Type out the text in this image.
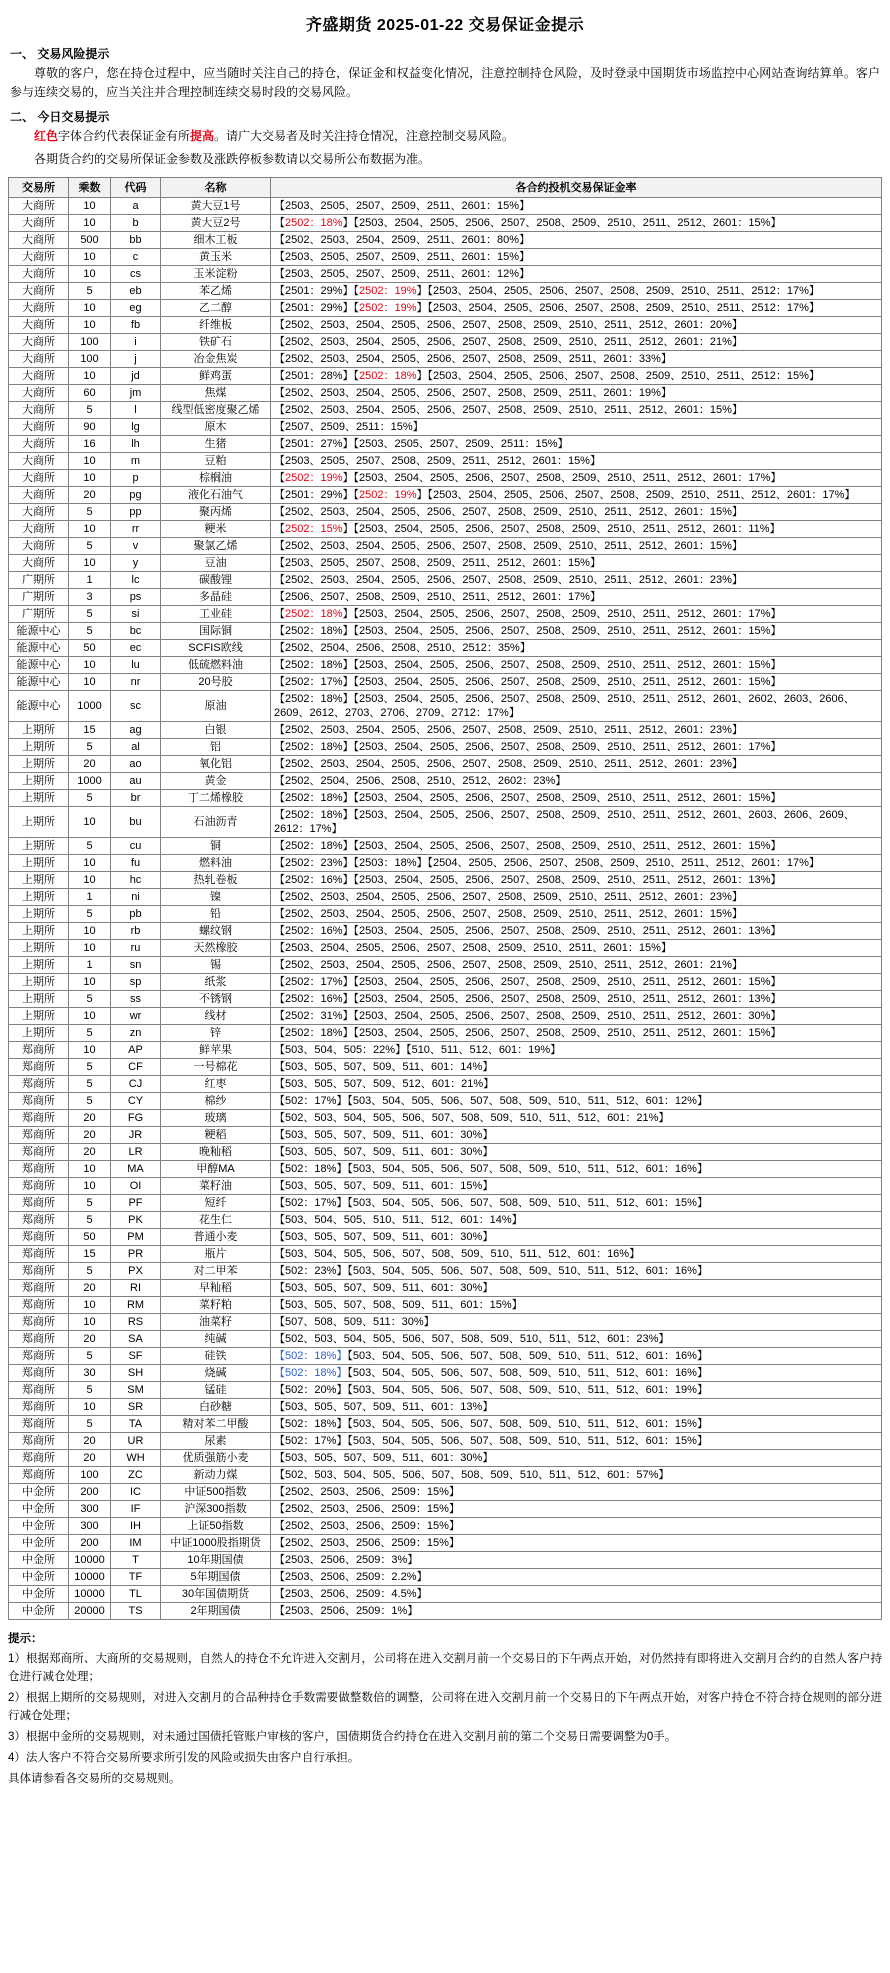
齐盛期货 2025-01-22 交易保证金提示
一、 交易风险提示
尊敬的客户，您在持仓过程中，应当随时关注自己的持仓，保证金和权益变化情况，注意控制持仓风险，及时登录中国期货市场监控中心网站查询结算单。客户参与连续交易的，应当关注并合理控制连续交易时段的交易风险。
二、 今日交易提示
红色字体合约代表保证金有所提高。请广大交易者及时关注持仓情况，注意控制交易风险。
各期货合约的交易所保证金参数及涨跌停板参数请以交易所公布数据为准。
交易所	乘数	代码	名称	各合约投机交易保证金率
大商所	10	a	黄大豆1号	【2503、2505、2507、2509、2511、2601：15%】
大商所	10	b	黄大豆2号	【2502：18%】【2503、2504、2505、2506、2507、2508、2509、2510、2511、2512、2601：15%】
大商所	500	bb	细木工板	【2502、2503、2504、2509、2511、2601：80%】
大商所	10	c	黄玉米	【2503、2505、2507、2509、2511、2601：15%】
大商所	10	cs	玉米淀粉	【2503、2505、2507、2509、2511、2601：12%】
大商所	5	eb	苯乙烯	【2501：29%】【2502：19%】【2503、2504、2505、2506、2507、2508、2509、2510、2511、2512：17%】
大商所	10	eg	乙二醇	【2501：29%】【2502：19%】【2503、2504、2505、2506、2507、2508、2509、2510、2511、2512：17%】
大商所	10	fb	纤维板	【2502、2503、2504、2505、2506、2507、2508、2509、2510、2511、2512、2601：20%】
大商所	100	i	铁矿石	【2502、2503、2504、2505、2506、2507、2508、2509、2510、2511、2512、2601：21%】
大商所	100	j	冶金焦炭	【2502、2503、2504、2505、2506、2507、2508、2509、2511、2601：33%】
大商所	10	jd	鲜鸡蛋	【2501：28%】【2502：18%】【2503、2504、2505、2506、2507、2508、2509、2510、2511、2512：15%】
大商所	60	jm	焦煤	【2502、2503、2504、2505、2506、2507、2508、2509、2511、2601：19%】
大商所	5	l	线型低密度聚乙烯	【2502、2503、2504、2505、2506、2507、2508、2509、2510、2511、2512、2601：15%】
大商所	90	lg	原木	【2507、2509、2511：15%】
大商所	16	lh	生猪	【2501：27%】【2503、2505、2507、2509、2511：15%】
大商所	10	m	豆粕	【2503、2505、2507、2508、2509、2511、2512、2601：15%】
大商所	10	p	棕榈油	【2502：19%】【2503、2504、2505、2506、2507、2508、2509、2510、2511、2512、2601：17%】
大商所	20	pg	液化石油气	【2501：29%】【2502：19%】【2503、2504、2505、2506、2507、2508、2509、2510、2511、2512、2601：17%】
大商所	5	pp	聚丙烯	【2502、2503、2504、2505、2506、2507、2508、2509、2510、2511、2512、2601：15%】
大商所	10	rr	粳米	【2502：15%】【2503、2504、2505、2506、2507、2508、2509、2510、2511、2512、2601：11%】
大商所	5	v	聚氯乙烯	【2502、2503、2504、2505、2506、2507、2508、2509、2510、2511、2512、2601：15%】
大商所	10	y	豆油	【2503、2505、2507、2508、2509、2511、2512、2601：15%】
广期所	1	lc	碳酸锂	【2502、2503、2504、2505、2506、2507、2508、2509、2510、2511、2512、2601：23%】
广期所	3	ps	多晶硅	【2506、2507、2508、2509、2510、2511、2512、2601：17%】
广期所	5	si	工业硅	【2502：18%】【2503、2504、2505、2506、2507、2508、2509、2510、2511、2512、2601：17%】
能源中心	5	bc	国际铜	【2502：18%】【2503、2504、2505、2506、2507、2508、2509、2510、2511、2512、2601：15%】
能源中心	50	ec	SCFIS欧线	【2502、2504、2506、2508、2510、2512：35%】
能源中心	10	lu	低硫燃料油	【2502：18%】【2503、2504、2505、2506、2507、2508、2509、2510、2511、2512、2601：15%】
能源中心	10	nr	20号胶	【2502：17%】【2503、2504、2505、2506、2507、2508、2509、2510、2511、2512、2601：15%】
能源中心	1000	sc	原油	【2502：18%】【2503、2504、2505、2506、2507、2508、2509、2510、2511、2512、2601、2602、2603、2606、2609、2612、2703、2706、2709、2712：17%】
上期所	15	ag	白银	【2502、2503、2504、2505、2506、2507、2508、2509、2510、2511、2512、2601：23%】
上期所	5	al	铝	【2502：18%】【2503、2504、2505、2506、2507、2508、2509、2510、2511、2512、2601：17%】
上期所	20	ao	氧化铝	【2502、2503、2504、2505、2506、2507、2508、2509、2510、2511、2512、2601：23%】
上期所	1000	au	黄金	【2502、2504、2506、2508、2510、2512、2602：23%】
上期所	5	br	丁二烯橡胶	【2502：18%】【2503、2504、2505、2506、2507、2508、2509、2510、2511、2512、2601：15%】
上期所	10	bu	石油沥青	【2502：18%】【2503、2504、2505、2506、2507、2508、2509、2510、2511、2512、2601、2603、2606、2609、2612：17%】
上期所	5	cu	铜	【2502：18%】【2503、2504、2505、2506、2507、2508、2509、2510、2511、2512、2601：15%】
上期所	10	fu	燃料油	【2502：23%】【2503：18%】【2504、2505、2506、2507、2508、2509、2510、2511、2512、2601：17%】
上期所	10	hc	热轧卷板	【2502：16%】【2503、2504、2505、2506、2507、2508、2509、2510、2511、2512、2601：13%】
上期所	1	ni	镍	【2502、2503、2504、2505、2506、2507、2508、2509、2510、2511、2512、2601：23%】
上期所	5	pb	铅	【2502、2503、2504、2505、2506、2507、2508、2509、2510、2511、2512、2601：15%】
上期所	10	rb	螺纹钢	【2502：16%】【2503、2504、2505、2506、2507、2508、2509、2510、2511、2512、2601：13%】
上期所	10	ru	天然橡胶	【2503、2504、2505、2506、2507、2508、2509、2510、2511、2601：15%】
上期所	1	sn	锡	【2502、2503、2504、2505、2506、2507、2508、2509、2510、2511、2512、2601：21%】
上期所	10	sp	纸浆	【2502：17%】【2503、2504、2505、2506、2507、2508、2509、2510、2511、2512、2601：15%】
上期所	5	ss	不锈钢	【2502：16%】【2503、2504、2505、2506、2507、2508、2509、2510、2511、2512、2601：13%】
上期所	10	wr	线材	【2502：31%】【2503、2504、2505、2506、2507、2508、2509、2510、2511、2512、2601：30%】
上期所	5	zn	锌	【2502：18%】【2503、2504、2505、2506、2507、2508、2509、2510、2511、2512、2601：15%】
郑商所	10	AP	鲜苹果	【503、504、505：22%】【510、511、512、601：19%】
郑商所	5	CF	一号棉花	【503、505、507、509、511、601：14%】
郑商所	5	CJ	红枣	【503、505、507、509、512、601：21%】
郑商所	5	CY	棉纱	【502：17%】【503、504、505、506、507、508、509、510、511、512、601：12%】
郑商所	20	FG	玻璃	【502、503、504、505、506、507、508、509、510、511、512、601：21%】
郑商所	20	JR	粳稻	【503、505、507、509、511、601：30%】
郑商所	20	LR	晚籼稻	【503、505、507、509、511、601：30%】
郑商所	10	MA	甲醇MA	【502：18%】【503、504、505、506、507、508、509、510、511、512、601：16%】
郑商所	10	OI	菜籽油	【503、505、507、509、511、601：15%】
郑商所	5	PF	短纤	【502：17%】【503、504、505、506、507、508、509、510、511、512、601：15%】
郑商所	5	PK	花生仁	【503、504、505、510、511、512、601：14%】
郑商所	50	PM	普通小麦	【503、505、507、509、511、601：30%】
郑商所	15	PR	瓶片	【503、504、505、506、507、508、509、510、511、512、601：16%】
郑商所	5	PX	对二甲苯	【502：23%】【503、504、505、506、507、508、509、510、511、512、601：16%】
郑商所	20	RI	早籼稻	【503、505、507、509、511、601：30%】
郑商所	10	RM	菜籽粕	【503、505、507、508、509、511、601：15%】
郑商所	10	RS	油菜籽	【507、508、509、511：30%】
郑商所	20	SA	纯碱	【502、503、504、505、506、507、508、509、510、511、512、601：23%】
郑商所	5	SF	硅铁	【502：18%】【503、504、505、506、507、508、509、510、511、512、601：16%】
郑商所	30	SH	烧碱	【502：18%】【503、504、505、506、507、508、509、510、511、512、601：16%】
郑商所	5	SM	锰硅	【502：20%】【503、504、505、506、507、508、509、510、511、512、601：19%】
郑商所	10	SR	白砂糖	【503、505、507、509、511、601：13%】
郑商所	5	TA	精对苯二甲酸	【502：18%】【503、504、505、506、507、508、509、510、511、512、601：15%】
郑商所	20	UR	尿素	【502：17%】【503、504、505、506、507、508、509、510、511、512、601：15%】
郑商所	20	WH	优质强筋小麦	【503、505、507、509、511、601：30%】
郑商所	100	ZC	新动力煤	【502、503、504、505、506、507、508、509、510、511、512、601：57%】
中金所	200	IC	中证500指数	【2502、2503、2506、2509：15%】
中金所	300	IF	沪深300指数	【2502、2503、2506、2509：15%】
中金所	300	IH	上证50指数	【2502、2503、2506、2509：15%】
中金所	200	IM	中证1000股指期货	【2502、2503、2506、2509：15%】
中金所	10000	T	10年期国债	【2503、2506、2509：3%】
中金所	10000	TF	5年期国债	【2503、2506、2509：2.2%】
中金所	10000	TL	30年国债期货	【2503、2506、2509：4.5%】
中金所	20000	TS	2年期国债	【2503、2506、2509：1%】
提示：

1）根据郑商所、大商所的交易规则，自然人的持仓不允许进入交割月，公司将在进入交割月前一个交易日的下午两点开始，对仍然持有即将进入交割月合约的自然人客户持仓进行减仓处理；

2）根据上期所的交易规则，对进入交割月的合品种持仓手数需要做整数倍的调整，公司将在进入交割月前一个交易日的下午两点开始，对客户持仓不符合持仓规则的部分进行减仓处理；

3）根据中金所的交易规则，对未通过国债托管账户审核的客户，国债期货合约持仓在进入交割月前的第二个交易日需要调整为0手。

4）法人客户不符合交易所要求所引发的风险或损失由客户自行承担。

具体请参看各交易所的交易规则。
